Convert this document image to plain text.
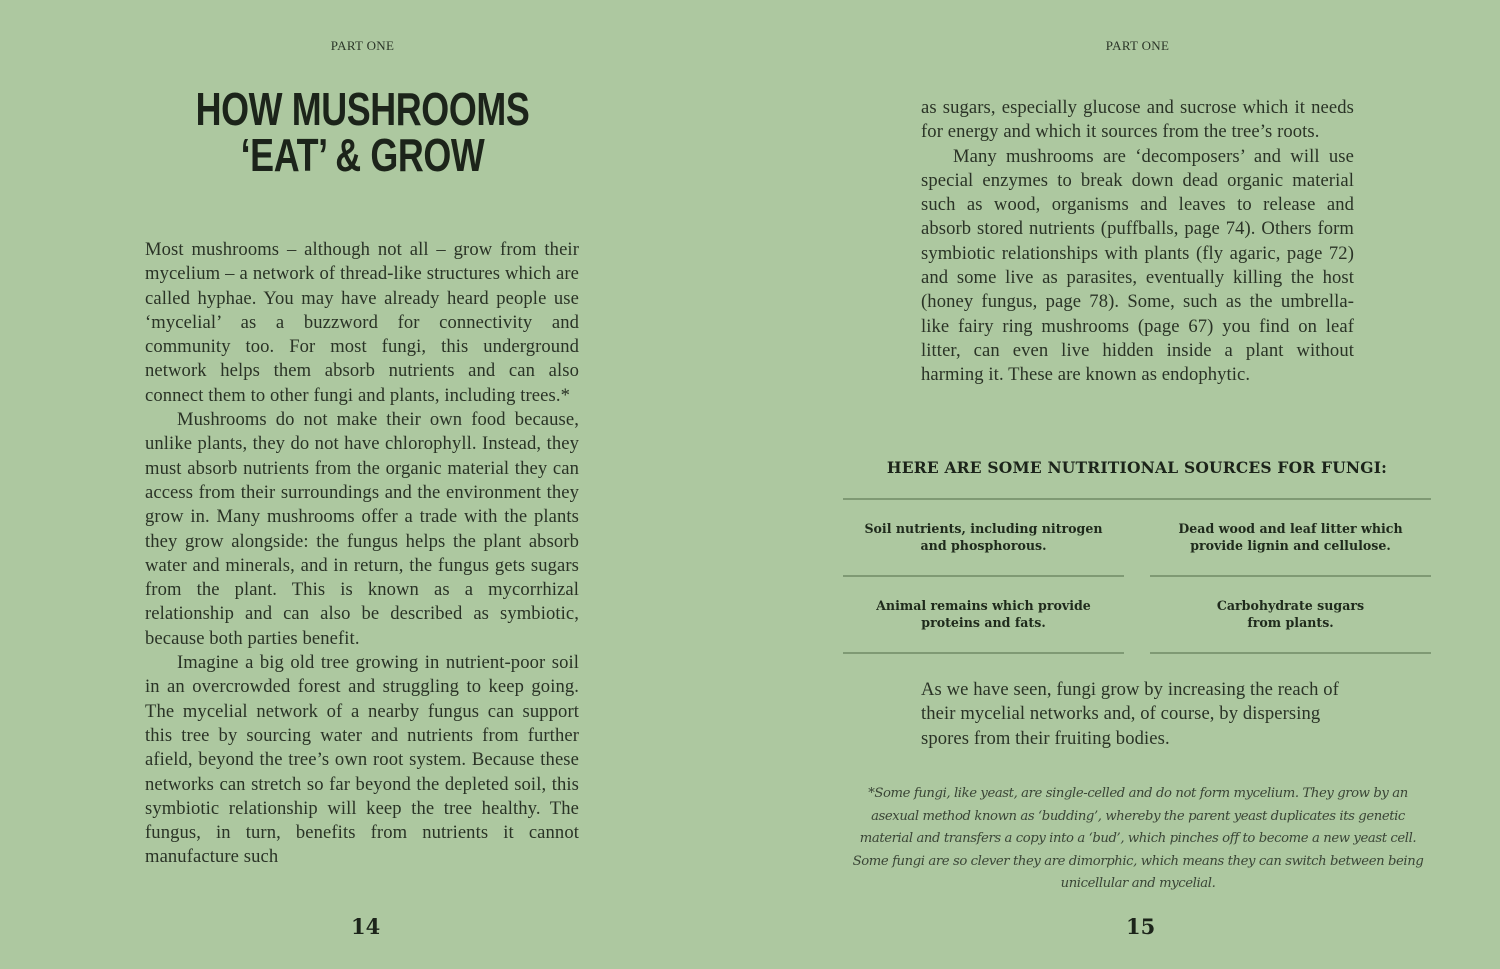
PART ONE
HOW MUSHROOMS
‘EAT’ & GROW

Most mushrooms – although not all – grow from their mycelium – a network of thread-like structures which are called hyphae. You may have already heard people use ‘mycelial’ as a buzzword for connectivity and community too. For most fungi, this underground network helps them absorb nutrients and can also connect them to other fungi and plants, including trees.*

Mushrooms do not make their own food because, unlike plants, they do not have chlorophyll. Instead, they must absorb nutrients from the organic material they can access from their surroundings and the environment they grow in. Many mushrooms offer a trade with the plants they grow alongside: the fungus helps the plant absorb water and minerals, and in return, the fungus gets sugars from the plant. This is known as a mycorrhizal relationship and can also be described as symbiotic, because both parties benefit.

Imagine a big old tree growing in nutrient-poor soil in an overcrowded forest and struggling to keep going. The mycelial network of a nearby fungus can support this tree by sourcing water and nutrients from further afield, beyond the tree’s own root system. Because these networks can stretch so far beyond the depleted soil, this symbiotic relationship will keep the tree healthy. The fungus, in turn, benefits from nutrients it cannot manufacture such

14
PART ONE

as sugars, especially glucose and sucrose which it needs for energy and which it sources from the tree’s roots.

Many mushrooms are ‘decomposers’ and will use special enzymes to break down dead organic material such as wood, organisms and leaves to release and absorb stored nutrients (puffballs, page 74). Others form symbiotic relationships with plants (fly agaric, page 72) and some live as parasites, eventually killing the host (honey fungus, page 78). Some, such as the umbrella-like fairy ring mushrooms (page 67) you find on leaf litter, can even live hidden inside a plant without harming it. These are known as endophytic.

HERE ARE SOME NUTRITIONAL SOURCES FOR FUNGI:
Soil nutrients, including nitrogen
and phosphorous.
Dead wood and leaf litter which
provide lignin and cellulose.
Animal remains which provide
proteins and fats.
Carbohydrate sugars
from plants.
As we have seen, fungi grow by increasing the reach of their mycelial networks and, of course, by dispersing spores from their fruiting bodies.
*Some fungi, like yeast, are single-celled and do not form mycelium. They grow by an asexual method known as ‘budding’, whereby the parent yeast duplicates its genetic material and transfers a copy into a ‘bud’, which pinches off to become a new yeast cell. Some fungi are so clever they are dimorphic, which means they can switch between being unicellular and mycelial.
15
